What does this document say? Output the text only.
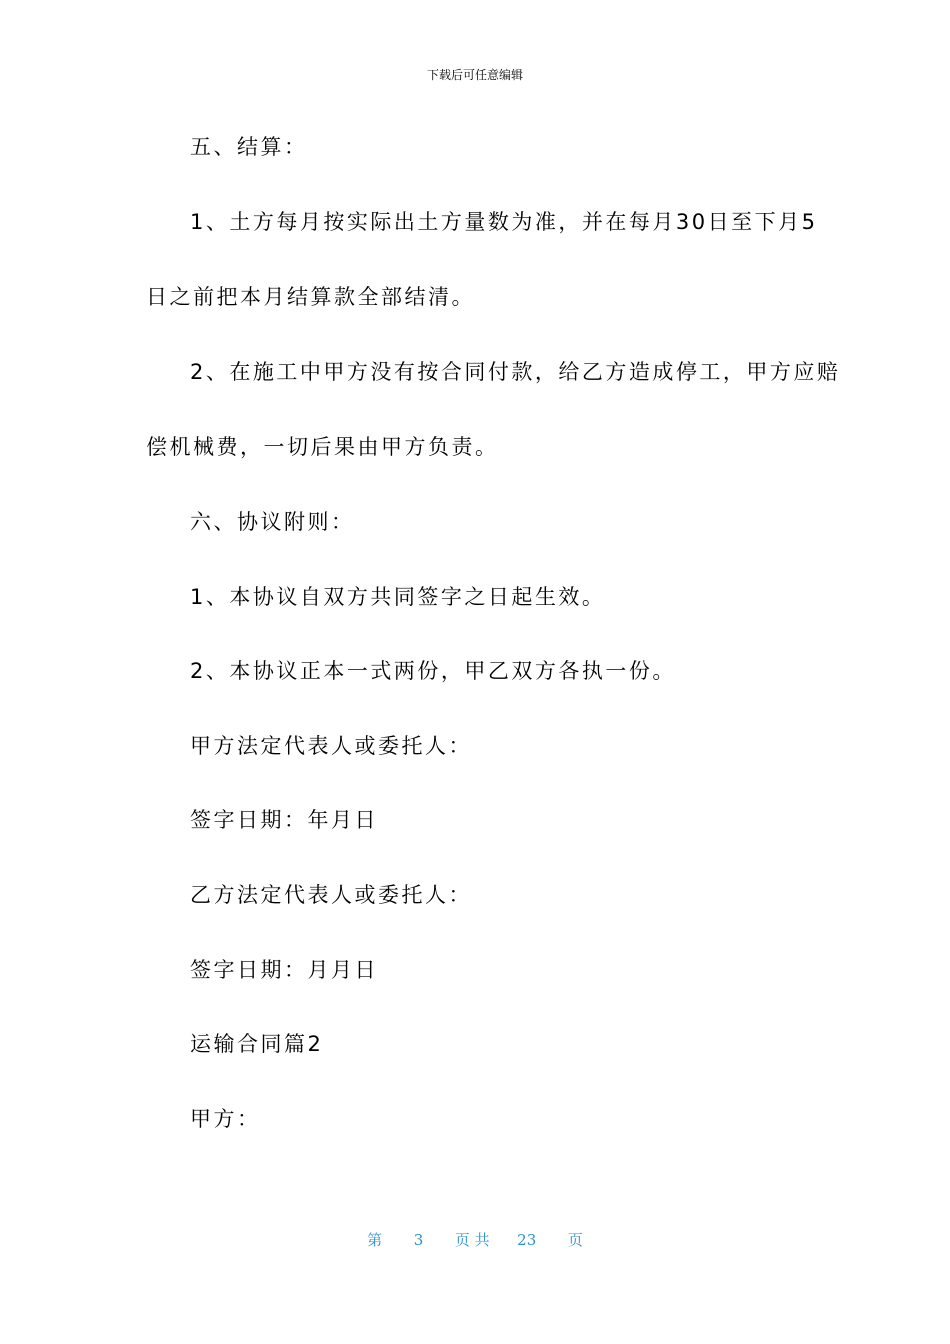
下载后可任意编辑
五、结算：
1、土方每月按实际出土方量数为准，并在每月30日至下月5
日之前把本月结算款全部结清。
2、在施工中甲方没有按合同付款，给乙方造成停工，甲方应赔
偿机械费，一切后果由甲方负责。
六、协议附则：
1、本协议自双方共同签字之日起生效。
2、本协议正本一式两份，甲乙双方各执一份。
甲方法定代表人或委托人：
签字日期：年月日
乙方法定代表人或委托人：
签字日期：月月日
运输合同篇2
甲方：
第 3 页 共 23 页
